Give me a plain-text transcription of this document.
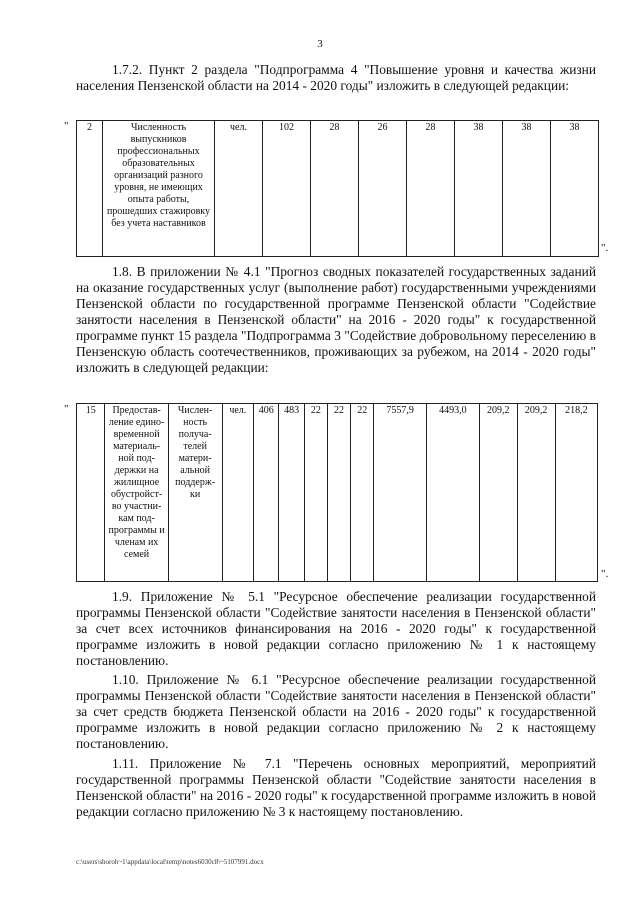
3
1.7.2. Пункт 2 раздела "Подпрограмма 4 "Повышение уровня и качества жизни населения Пензенской области на 2014 - 2020 годы" изложить в следующей редакции:
" 2	Численность выпускников профессиональных образовательных организаций разного уровня, не имеющих опыта работы, прошедших стажировку без учета наставников	чел.	102	28	26	28	38	38	38
".
1.8. В приложении № 4.1 "Прогноз сводных показателей государственных заданий на оказание государственных услуг (выполнение работ) государственными учреждениями Пензенской области по государственной программе Пензенской области "Содействие занятости населения в Пензенской области" на 2016 - 2020 годы" к государственной программе пункт 15 раздела "Подпрограмма 3 "Содействие добровольному переселению в Пензенскую область соотечественников, проживающих за рубежом, на 2014 - 2020 годы" изложить в следующей редакции:
" 15	Предостав-ление едино-временной материаль-ной под-держки на жилищное обустройст-во участни-кам под-программы и членам их семей	Числен-ность получа-телей матери-альной поддерж-ки	чел.	406	483	22	22	22	7557,9	4493,0	209,2	209,2	218,2
".
1.9. Приложение № 5.1 "Ресурсное обеспечение реализации государственной программы Пензенской области "Содействие занятости населения в Пензенской области" за счет всех источников финансирования на 2016 - 2020 годы" к государственной программе изложить в новой редакции согласно приложению № 1 к настоящему постановлению.
1.10. Приложение № 6.1 "Ресурсное обеспечение реализации государственной программы Пензенской области "Содействие занятости населения в Пензенской области" за счет средств бюджета Пензенской области на 2016 - 2020 годы" к государственной программе изложить в новой редакции согласно приложению № 2 к настоящему постановлению.
1.11. Приложение № 7.1 "Перечень основных мероприятий, мероприятий государственной программы Пензенской области "Содействие занятости населения в Пензенской области" на 2016 - 2020 годы" к государственной программе изложить в новой редакции согласно приложению № 3 к настоящему постановлению.
c:\users\shoroh~1\appdata\local\temp\notes6030c8\~5107991.docx
